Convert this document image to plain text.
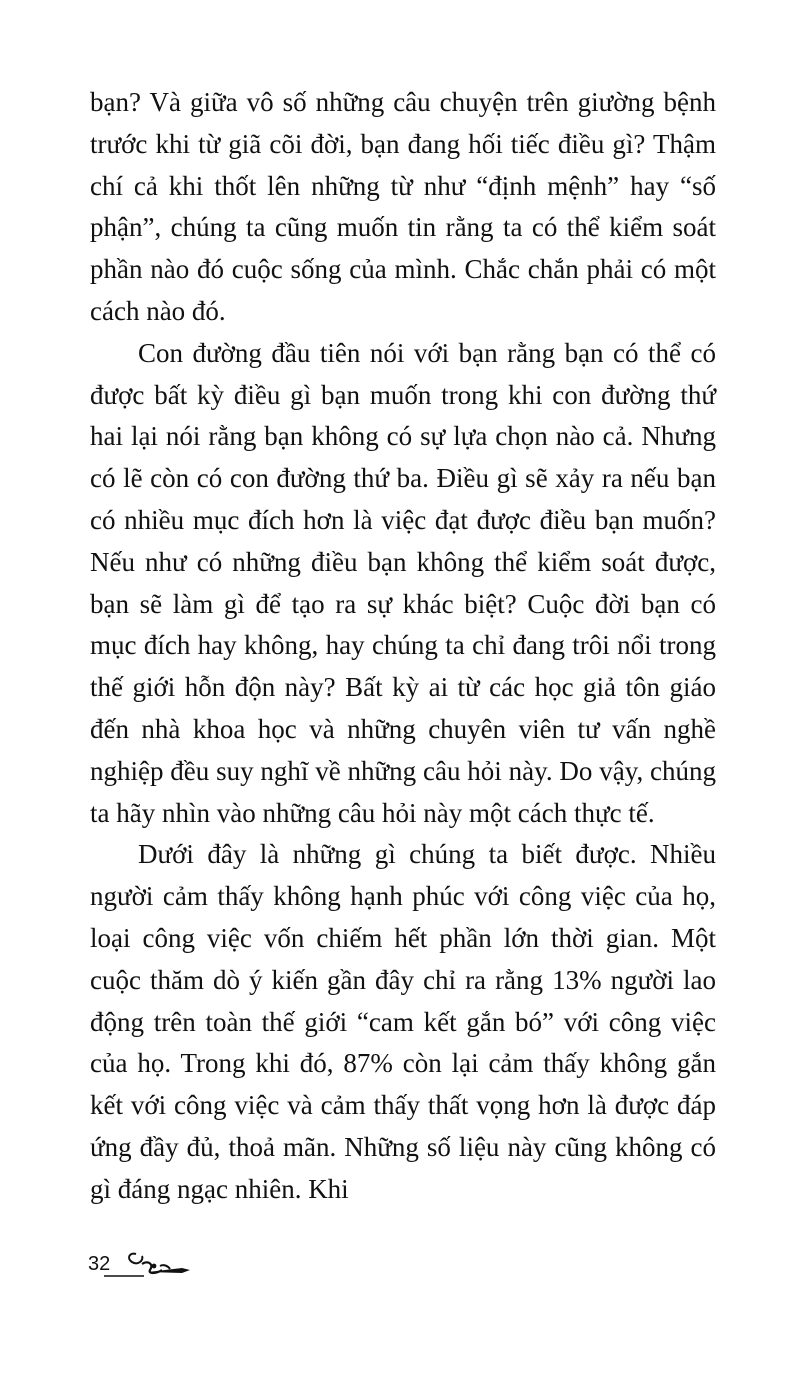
bạn? Và giữa vô số những câu chuyện trên giường bệnh trước khi từ giã cõi đời, bạn đang hối tiếc điều gì? Thậm chí cả khi thốt lên những từ như “định mệnh” hay “số phận”, chúng ta cũng muốn tin rằng ta có thể kiểm soát phần nào đó cuộc sống của mình. Chắc chắn phải có một cách nào đó.

Con đường đầu tiên nói với bạn rằng bạn có thể có được bất kỳ điều gì bạn muốn trong khi con đường thứ hai lại nói rằng bạn không có sự lựa chọn nào cả. Nhưng có lẽ còn có con đường thứ ba. Điều gì sẽ xảy ra nếu bạn có nhiều mục đích hơn là việc đạt được điều bạn muốn? Nếu như có những điều bạn không thể kiểm soát được, bạn sẽ làm gì để tạo ra sự khác biệt? Cuộc đời bạn có mục đích hay không, hay chúng ta chỉ đang trôi nổi trong thế giới hỗn độn này? Bất kỳ ai từ các học giả tôn giáo đến nhà khoa học và những chuyên viên tư vấn nghề nghiệp đều suy nghĩ về những câu hỏi này. Do vậy, chúng ta hãy nhìn vào những câu hỏi này một cách thực tế.

Dưới đây là những gì chúng ta biết được. Nhiều người cảm thấy không hạnh phúc với công việc của họ, loại công việc vốn chiếm hết phần lớn thời gian. Một cuộc thăm dò ý kiến gần đây chỉ ra rằng 13% người lao động trên toàn thế giới “cam kết gắn bó” với công việc của họ. Trong khi đó, 87% còn lại cảm thấy không gắn kết với công việc và cảm thấy thất vọng hơn là được đáp ứng đầy đủ, thoả mãn. Những số liệu này cũng không có gì đáng ngạc nhiên. Khi

32
